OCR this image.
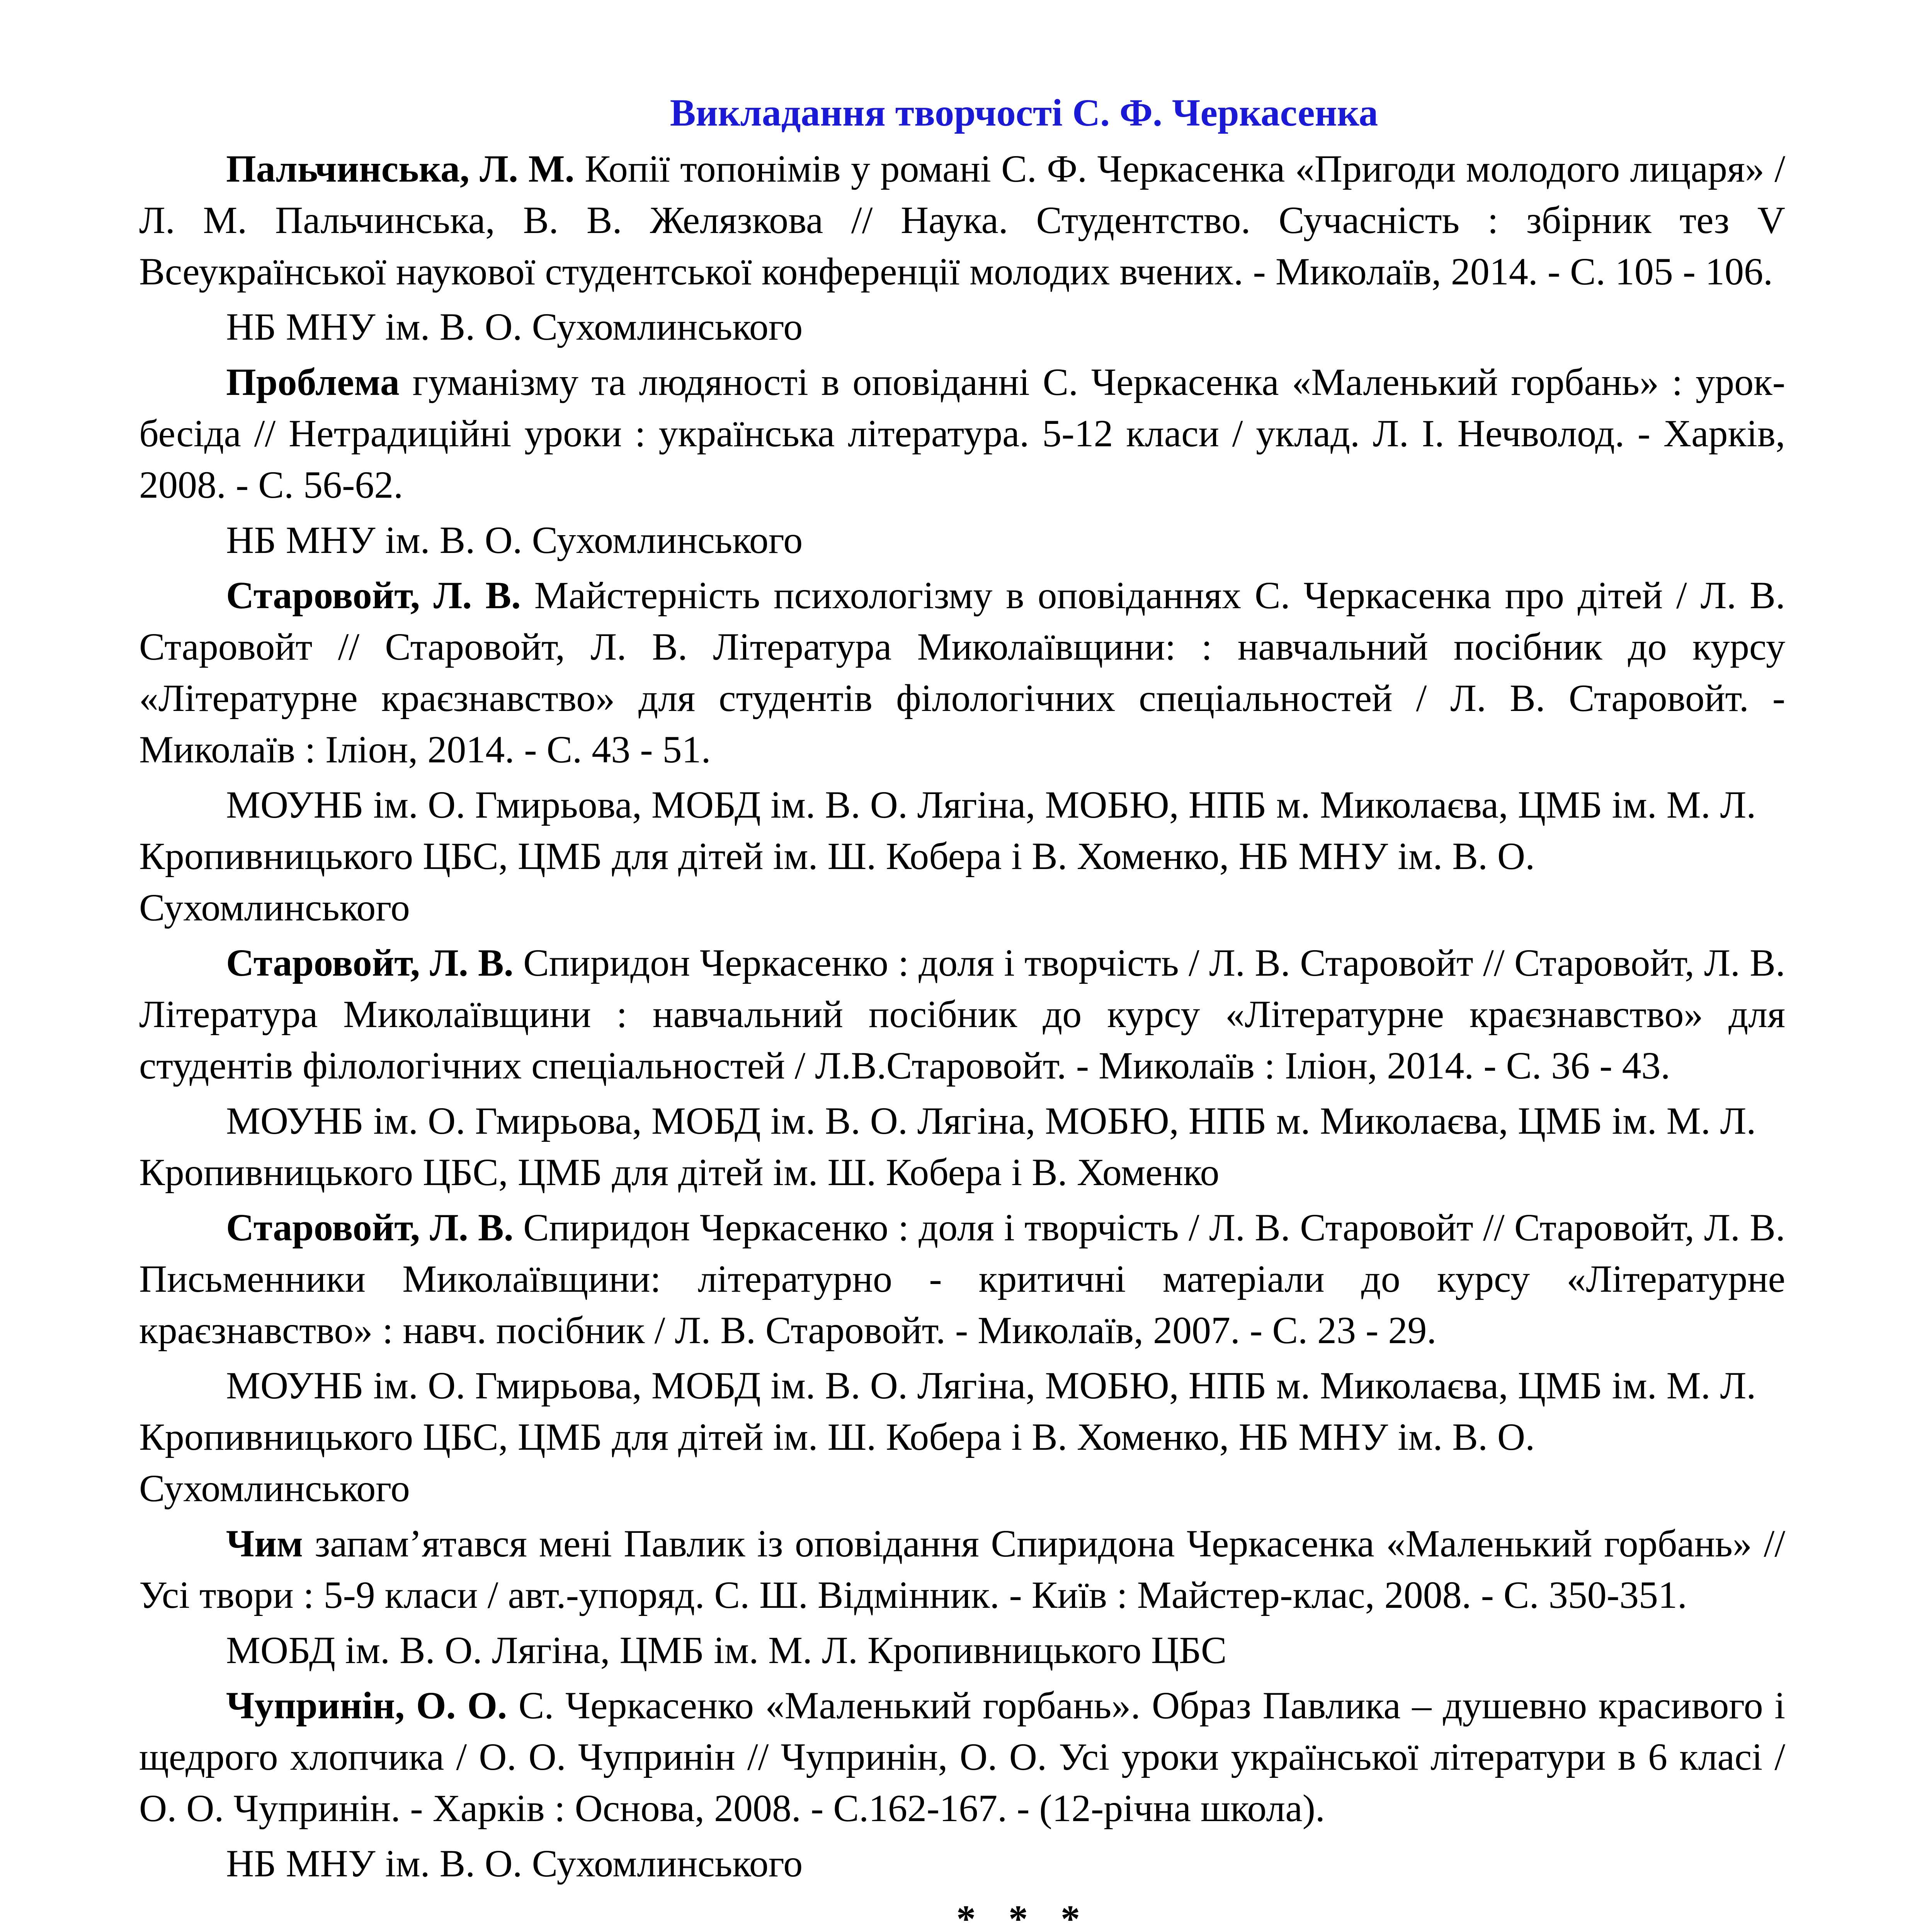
Викладання творчості С. Ф. Черкасенка

Пальчинська, Л. М. Копії топонімів у романі С. Ф. Черкасенка «Пригоди молодого лицаря» / Л. М. Пальчинська, В. В. Желязкова // Наука. Студентство. Сучасність : збірник тез V Всеукраїнської наукової студентської конференції молодих вчених. - Миколаїв, 2014. - С. 105 - 106.

НБ МНУ ім. В. О. Сухомлинського

Проблема гуманізму та людяності в оповіданні С. Черкасенка «Маленький горбань» : урок-бесіда // Нетрадиційні уроки : українська література. 5-12 класи / уклад. Л. І. Нечволод. - Харків, 2008. - С. 56-62.

НБ МНУ ім. В. О. Сухомлинського

Старовойт, Л. В. Майстерність психологізму в оповіданнях С. Черкасенка про дітей / Л. В. Старовойт // Старовойт, Л. В. Література Миколаївщини: : навчальний посібник до курсу «Літературне краєзнавство» для студентів філологічних спеціальностей / Л. В. Старовойт. - Миколаїв : Іліон, 2014. - С. 43 - 51.

МОУНБ ім. О. Гмирьова, МОБД ім. В. О. Лягіна, МОБЮ, НПБ м. Миколаєва, ЦМБ ім. М. Л. Кропивницького ЦБС, ЦМБ для дітей ім. Ш. Кобера і В. Хоменко, НБ МНУ ім. В. О. Сухомлинського

Старовойт, Л. В. Спиридон Черкасенко : доля і творчість / Л. В. Старовойт // Старовойт, Л. В. Література Миколаївщини : навчальний посібник до курсу «Літературне краєзнавство» для студентів філологічних спеціальностей / Л.В.Старовойт. - Миколаїв : Іліон, 2014. - С. 36 - 43.

МОУНБ ім. О. Гмирьова, МОБД ім. В. О. Лягіна, МОБЮ, НПБ м. Миколаєва, ЦМБ ім. М. Л. Кропивницького ЦБС, ЦМБ для дітей ім. Ш. Кобера і В. Хоменко

Старовойт, Л. В. Спиридон Черкасенко : доля і творчість / Л. В. Старовойт // Старовойт, Л. В. Письменники Миколаївщини: літературно - критичні матеріали до курсу «Літературне краєзнавство» : навч. посібник / Л. В. Старовойт. - Миколаїв, 2007. - С. 23 - 29.

МОУНБ ім. О. Гмирьова, МОБД ім. В. О. Лягіна, МОБЮ, НПБ м. Миколаєва, ЦМБ ім. М. Л. Кропивницького ЦБС, ЦМБ для дітей ім. Ш. Кобера і В. Хоменко, НБ МНУ ім. В. О. Сухомлинського

Чим запам’ятався мені Павлик із оповідання Спиридона Черкасенка «Маленький горбань» // Усі твори : 5-9 класи / авт.-упоряд. С. Ш. Відмінник. - Київ : Майстер-клас, 2008. - С. 350-351.

МОБД ім. В. О. Лягіна, ЦМБ ім. М. Л. Кропивницького ЦБС

Чупринін, О. О. С. Черкасенко «Маленький горбань». Образ Павлика – душевно красивого і щедрого хлопчика / О. О. Чупринін // Чупринін, О. О. Усі уроки української літератури в 6 класі / О. О. Чупринін. - Харків : Основа, 2008. - С.162-167. - (12-річна школа).

НБ МНУ ім. В. О. Сухомлинського

* * *
